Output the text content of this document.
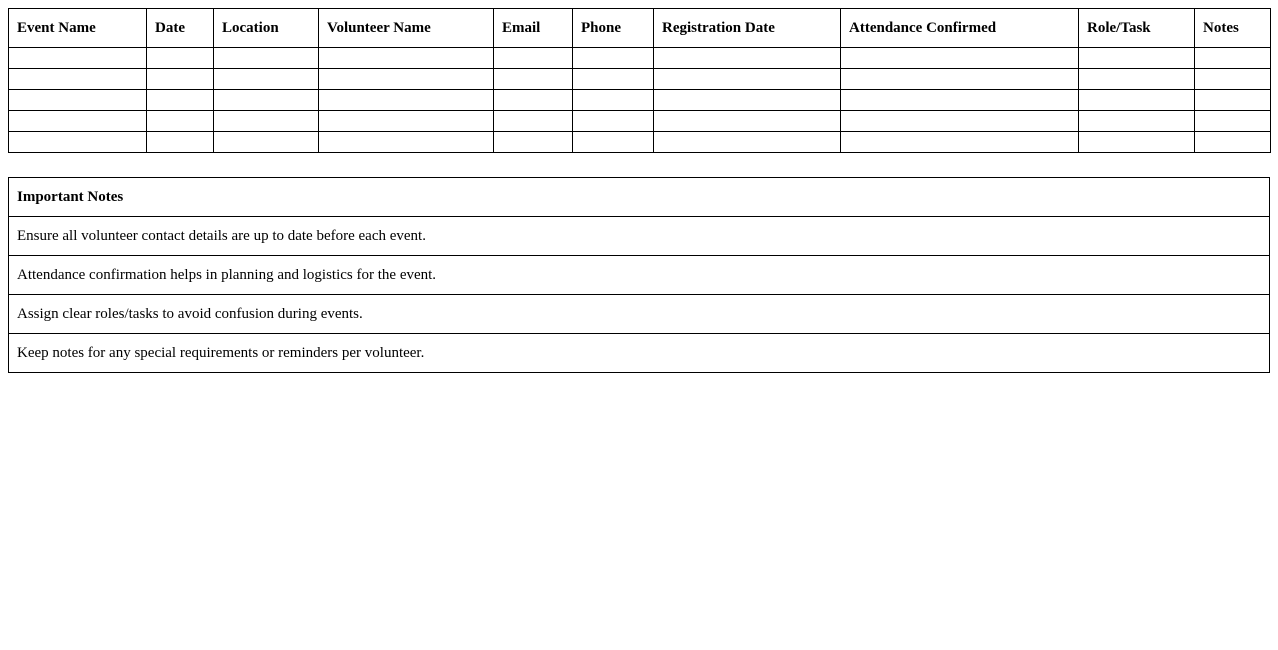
Event Name	Date	Location	Volunteer Name	Email	Phone	Registration Date	Attendance Confirmed	Role/Task	Notes

Important Notes
Ensure all volunteer contact details are up to date before each event.
Attendance confirmation helps in planning and logistics for the event.
Assign clear roles/tasks to avoid confusion during events.
Keep notes for any special requirements or reminders per volunteer.
